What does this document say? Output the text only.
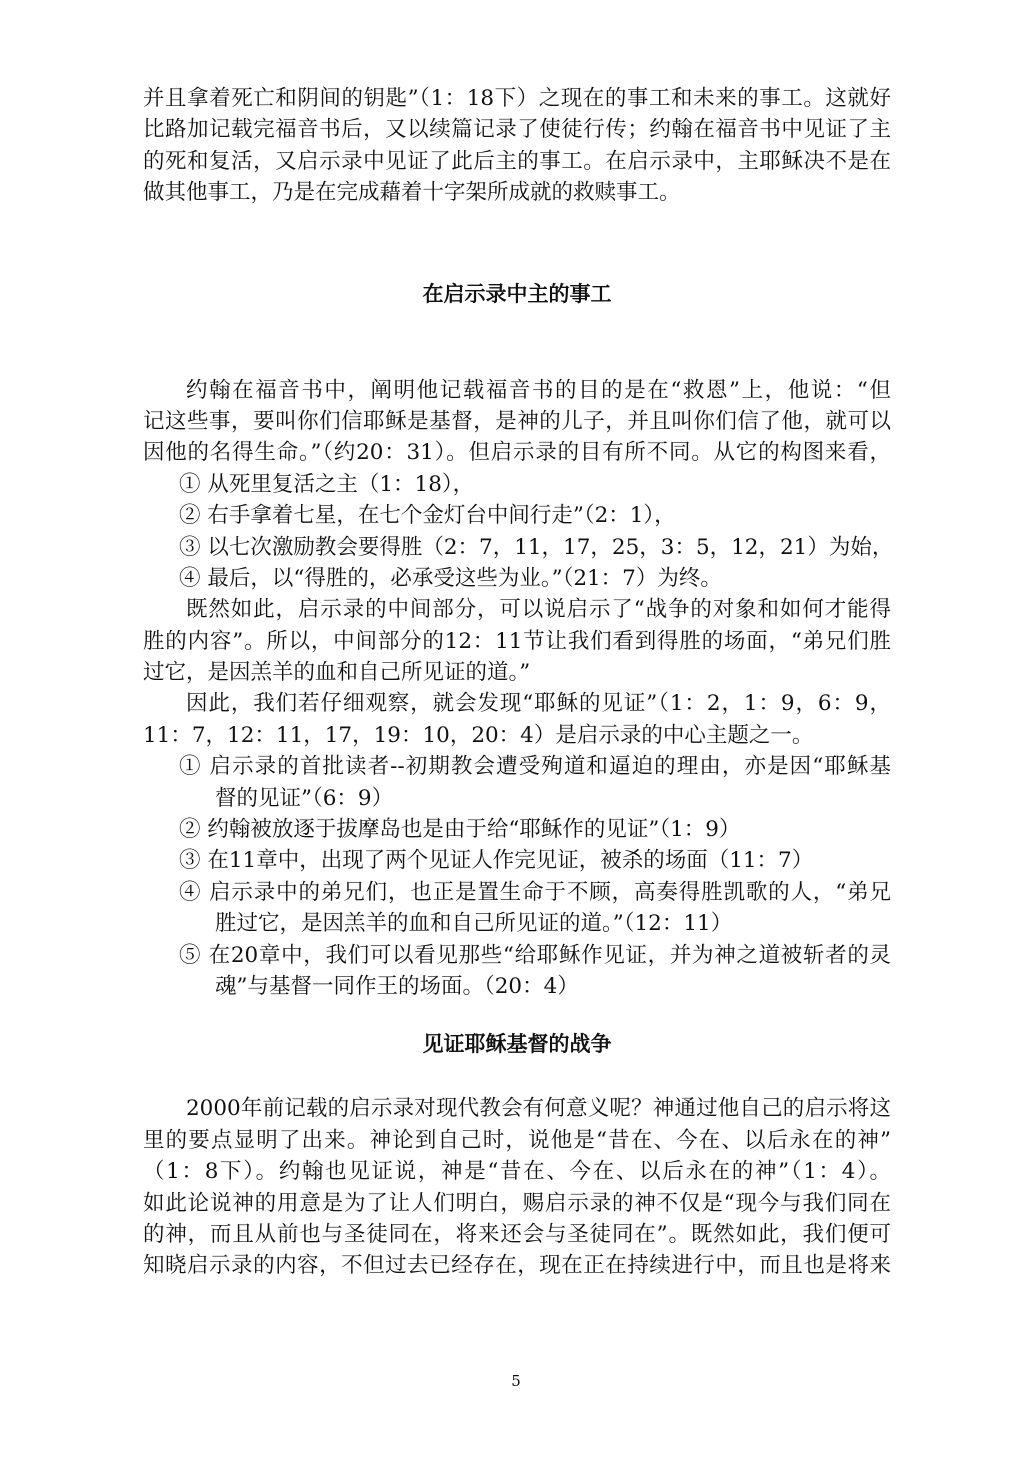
并且拿着死亡和阴间的钥匙”（1：18下）之现在的事工和未来的事工。这就好
比路加记载完福音书后，又以续篇记录了使徒行传；约翰在福音书中见证了主
的死和复活，又启示录中见证了此后主的事工。在启示录中，主耶稣决不是在
做其他事工，乃是在完成藉着十字架所成就的救赎事工。
在启示录中主的事工
约翰在福音书中，阐明他记载福音书的目的是在“救恩”上，他说：“但
记这些事，要叫你们信耶稣是基督，是神的儿子，并且叫你们信了他，就可以
因他的名得生命。”（约20：31）。但启示录的目有所不同。从它的构图来看，
① 从死里复活之主（1：18），
② 右手拿着七星，在七个金灯台中间行走”（2：1），
③ 以七次激励教会要得胜（2：7，11，17，25，3：5，12，21）为始，
④ 最后，以“得胜的，必承受这些为业。”（21：7）为终。
既然如此，启示录的中间部分，可以说启示了“战争的对象和如何才能得
胜的内容”。所以，中间部分的12：11节让我们看到得胜的场面，“弟兄们胜
过它，是因羔羊的血和自己所见证的道。”
因此，我们若仔细观察，就会发现“耶稣的见证”（1：2，1：9，6：9，
11：7，12：11，17，19：10，20：4）是启示录的中心主题之一。
① 启示录的首批读者--初期教会遭受殉道和逼迫的理由，亦是因“耶稣基
督的见证”（6：9）
② 约翰被放逐于拔摩岛也是由于给“耶稣作的见证”（1：9）
③ 在11章中，出现了两个见证人作完见证，被杀的场面（11：7）
④ 启示录中的弟兄们，也正是置生命于不顾，高奏得胜凯歌的人，“弟兄
胜过它，是因羔羊的血和自己所见证的道。”（12：11）
⑤ 在20章中，我们可以看见那些“给耶稣作见证，并为神之道被斩者的灵
魂”与基督一同作王的场面。（20：4）
见证耶稣基督的战争
2000年前记载的启示录对现代教会有何意义呢？神通过他自己的启示将这
里的要点显明了出来。神论到自己时，说他是“昔在、今在、以后永在的神”
（1：8下）。约翰也见证说，神是“昔在、今在、以后永在的神”（1：4）。
如此论说神的用意是为了让人们明白，赐启示录的神不仅是“现今与我们同在
的神，而且从前也与圣徒同在，将来还会与圣徒同在”。既然如此，我们便可
知晓启示录的内容，不但过去已经存在，现在正在持续进行中，而且也是将来
5
